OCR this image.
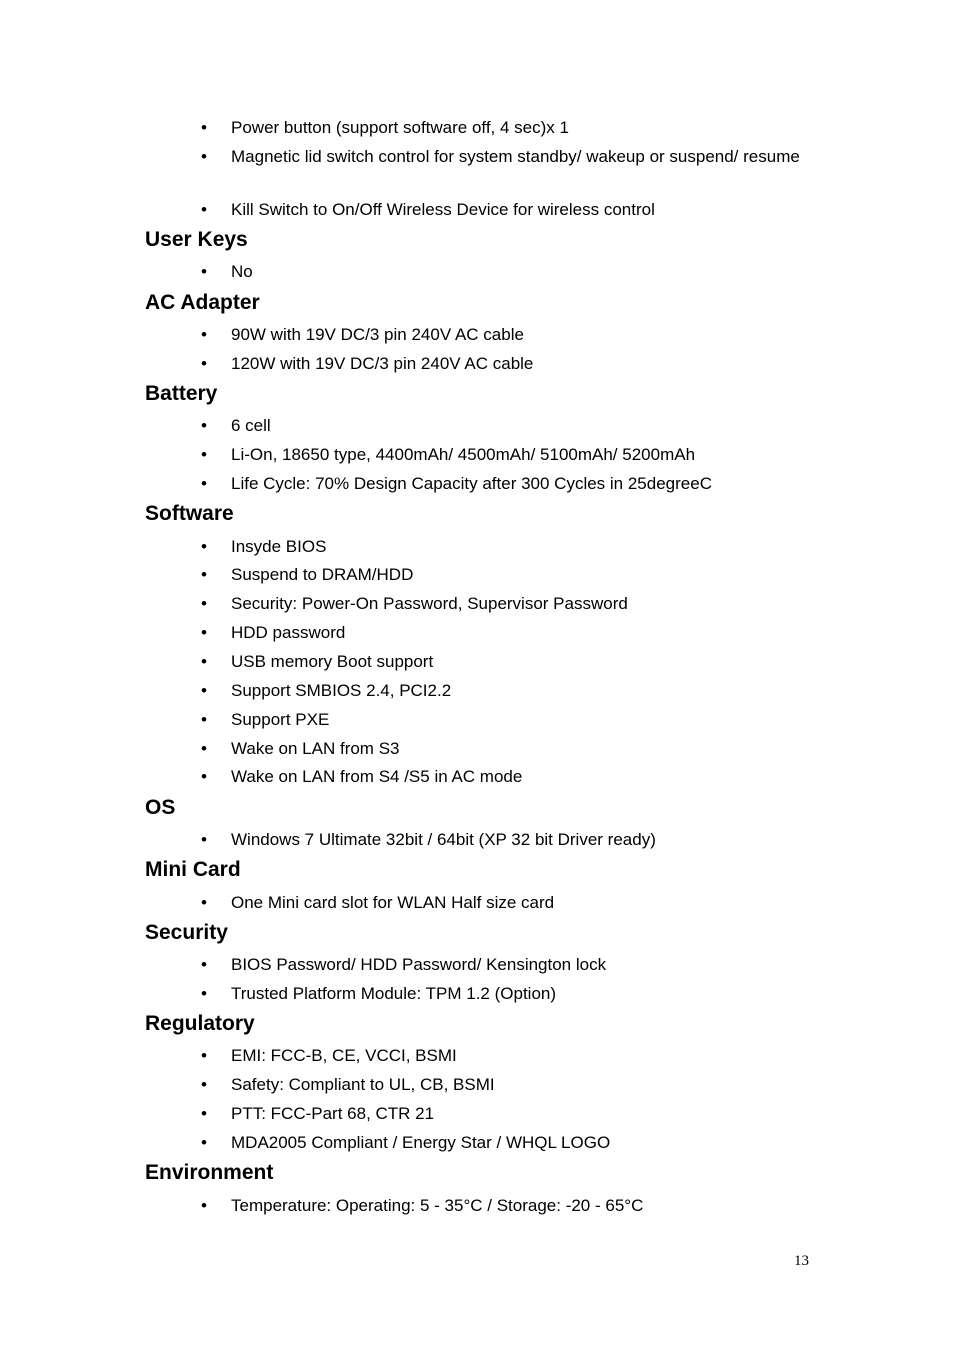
• Power button (support software off, 4 sec)x 1
• Magnetic lid switch control for system standby/ wakeup or suspend/ resume
• Kill Switch to On/Off Wireless Device for wireless control
User Keys
• No
AC Adapter
• 90W with 19V DC/3 pin 240V AC cable
• 120W with 19V DC/3 pin 240V AC cable
Battery
• 6 cell
• Li-On, 18650 type, 4400mAh/ 4500mAh/ 5100mAh/ 5200mAh
• Life Cycle: 70% Design Capacity after 300 Cycles in 25degreeC
Software
• Insyde BIOS
• Suspend to DRAM/HDD
• Security: Power-On Password, Supervisor Password
• HDD password
• USB memory Boot support
• Support SMBIOS 2.4, PCI2.2
• Support PXE
• Wake on LAN from S3
• Wake on LAN from S4 /S5 in AC mode
OS
• Windows 7 Ultimate 32bit / 64bit (XP 32 bit Driver ready)
Mini Card
• One Mini card slot for WLAN Half size card
Security
• BIOS Password/ HDD Password/ Kensington lock
• Trusted Platform Module: TPM 1.2 (Option)
Regulatory
• EMI: FCC-B, CE, VCCI, BSMI
• Safety: Compliant to UL, CB, BSMI
• PTT: FCC-Part 68, CTR 21
• MDA2005 Compliant / Energy Star / WHQL LOGO
Environment
• Temperature: Operating: 5 - 35°C / Storage: -20 - 65°C
13
